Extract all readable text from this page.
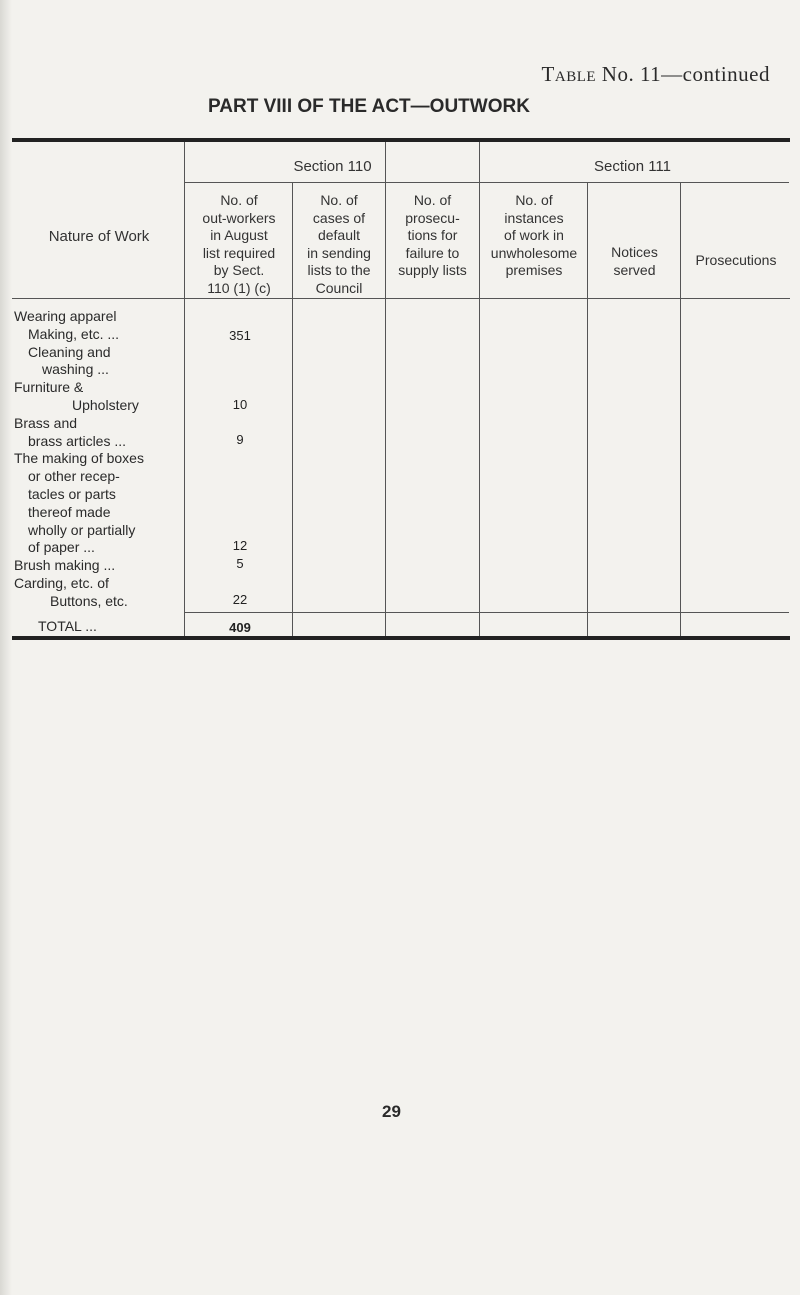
Table No. 11—continued
PART VIII OF THE ACT—OUTWORK
Section 110	Section 111
Nature of Work
No. of
out-workers
in August
list required
by Sect.
110 (1) (c)
No. of
cases of
default
in sending
lists to the
Council
No. of
prosecu-
tions for
failure to
supply lists
No. of
instances
of work in
unwholesome
premises
Notices
served
Prosecutions
Wearing apparel
Making, etc. ...
Cleaning and
washing ...
Furniture &
Upholstery
Brass and
brass articles ...
The making of boxes
or other recep-
tacles or parts
thereof made
wholly or partially
of paper ...
Brush making ...
Carding, etc. of
Buttons, etc.
351
10
9
12
5
22
TOTAL ...	409
29
